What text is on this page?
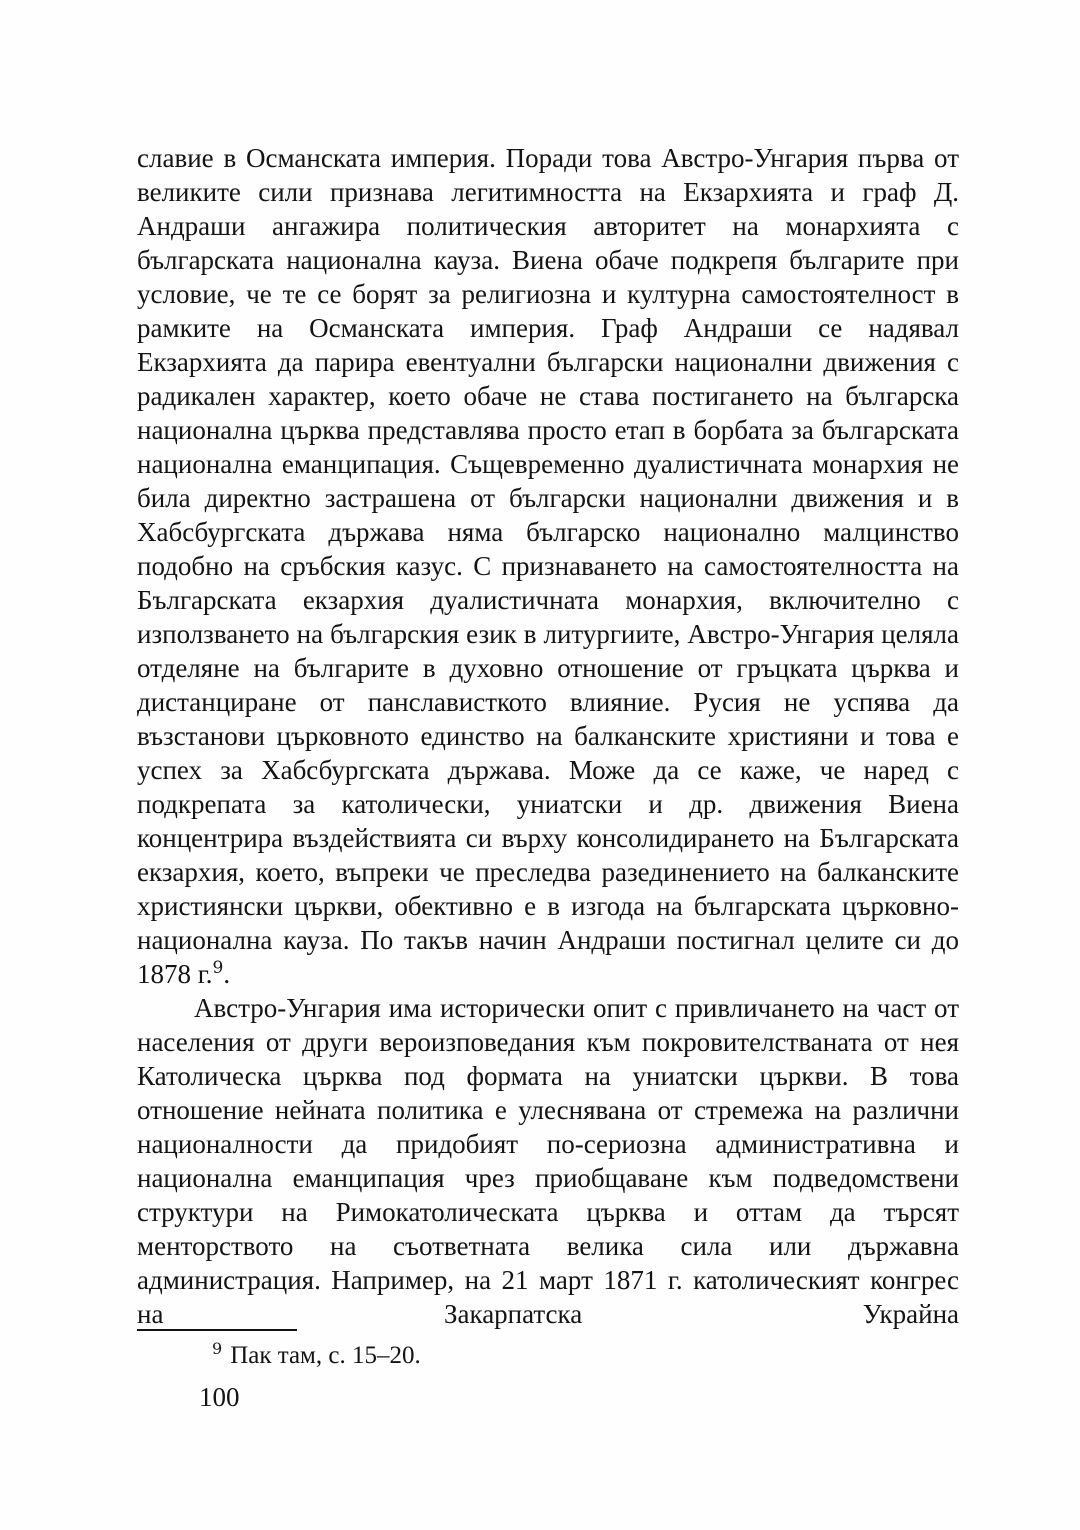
славие в Османската империя. Поради това Австро-Унгария първа от великите сили признава легитимността на Екзархията и граф Д. Андраши ангажира политическия авторитет на монархията с българската национална кауза. Виена обаче подкрепя българите при условие, че те се борят за религиозна и културна самостоятелност в рамките на Османската империя. Граф Андраши се надявал Екзархията да парира евентуални български национални движения с радикален характер, което обаче не става постигането на българска национална църква представлява просто етап в борбата за българската национална еманципация. Същевременно дуалистичната монархия не била директно застрашена от български национални движения и в Хабсбургската държава няма българско национално малцинство подобно на сръбския казус. С признаването на самостоятелността на Българската екзархия дуалистичната монархия, включително с използването на българския език в литургиите, Австро-Унгария целяла отделяне на българите в духовно отношение от гръцката църква и дистанциране от панслависткото влияние. Русия не успява да възстанови църковното единство на балканските християни и това е успех за Хабсбургската държава. Може да се каже, че наред с подкрепата за католически, униатски и др. движения Виена концентрира въздействията си върху консолидирането на Българската екзархия, което, въпреки че преследва разединението на балканските християнски църкви, обективно е в изгода на българската църковно-национална кауза. По такъв начин Андраши постигнал целите си до 1878 г.$^9$.

Австро-Унгария има исторически опит с привличането на част от населения от други вероизповедания към покровителстваната от нея Католическа църква под формата на униатски църкви. В това отношение нейната политика е улеснявана от стремежа на различни националности да придобият по-сериозна административна и национална еманципация чрез приобщаване към подведомствени структури на Римокатолическата църква и оттам да търсят менторството на съответната велика сила или държавна администрация. Например, на 21 март 1871 г. католическият конгрес на Закарпатска Украйна

$^9$ Пак там, с. 15–20.
100
